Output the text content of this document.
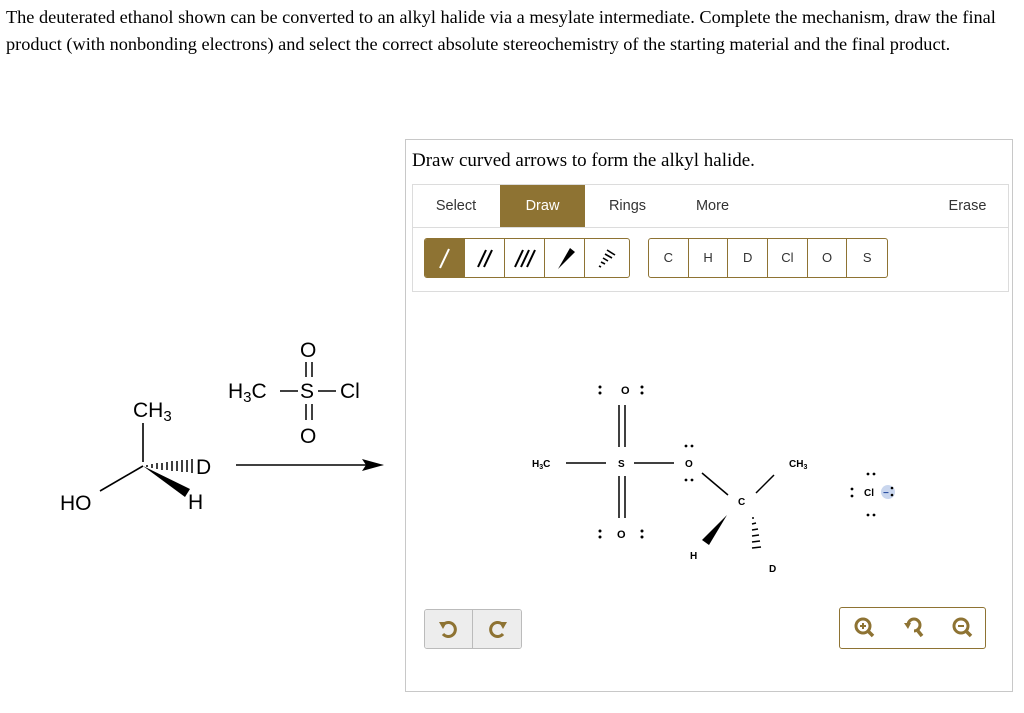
The deuterated ethanol shown can be converted to an alkyl halide via a mesylate intermediate. Complete the mechanism, draw the final product (with nonbonding electrons) and select the correct absolute stereochemistry of the starting material and the final product.

CH3
D
H
HO
O
H3C S Cl
O
Draw curved arrows to form the alkyl halide.
Select	Draw	Rings	More	Erase
C	H	D	Cl	O	S
O
$H_3C$	S	O
O
C
$CH_3$
H
D
Cl −
